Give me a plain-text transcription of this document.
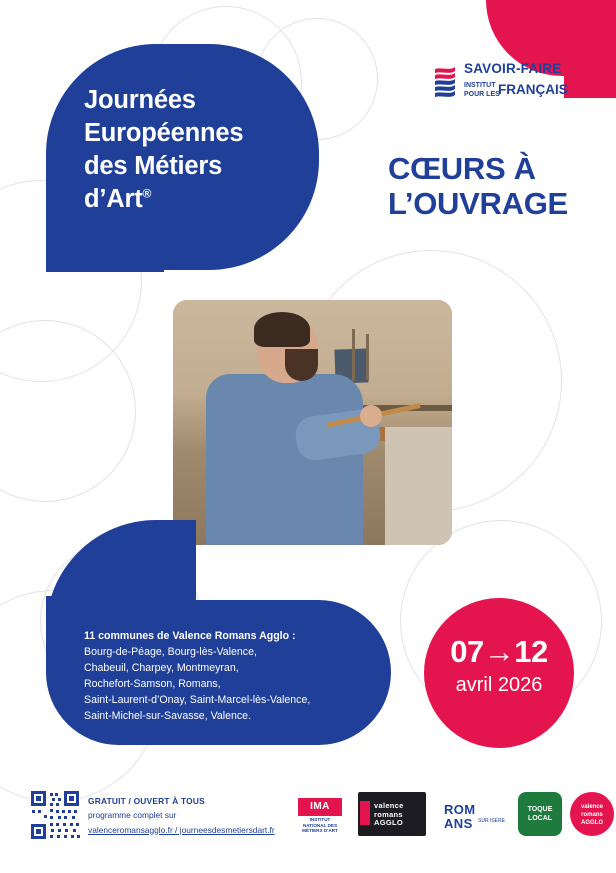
Journées
Européennes
des Métiers
d’Art®
SAVOIR-FAIRE
INSTITUT
POUR LES
FRANÇAIS
CŒURS À
L’OUVRAGE
11 communes de Valence Romans Agglo :
Bourg-de-Péage, Bourg-lès-Valence,
Chabeuil, Charpey, Montmeyran,
Rochefort-Samson, Romans,
Saint-Laurent-d’Onay, Saint-Marcel-lès-Valence,
Saint-Michel-sur-Savasse, Valence.
07→12
avril 2026
GRATUIT / OUVERT À TOUS
programme complet sur
valenceromansagglo.fr / journeesdesmetiersdart.fr
IMA
INSTITUT NATIONAL DES MÉTIERS D’ART
valence
romans
AGGLO
ROM
ANS SUR ISÈRE
TOQUE
LOCAL
valence
romans
AGGLO
